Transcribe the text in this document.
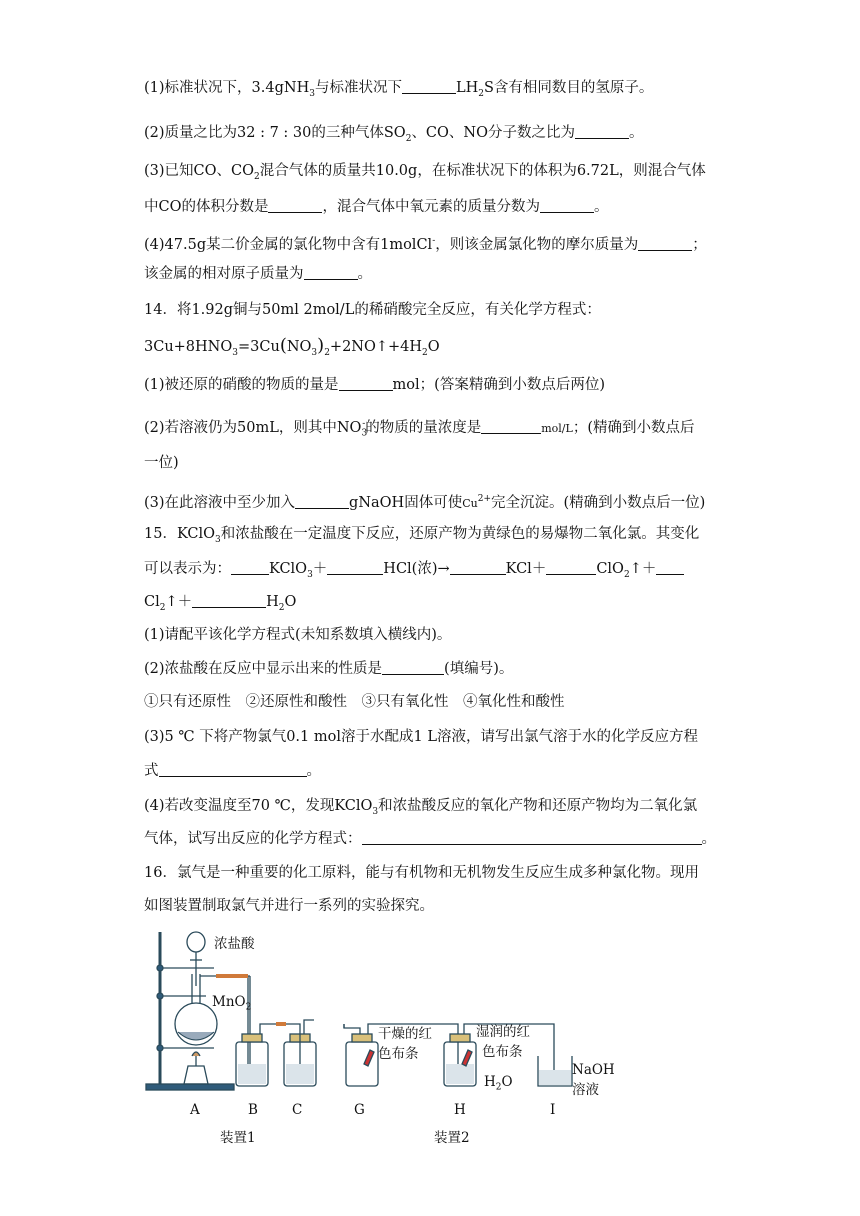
(1)标准状况下，3.4gNH$_3$与标准状况下	$LH_2S$含有相同数目的氢原子。
(2)质量之比为32 : 7 : 30的三种气体$SO_2$、CO、NO分子数之比为	。
(3)已知CO、$CO_2$混合气体的质量共10.0g，在标准状况下的体积为6.72L，则混合气体
中CO的体积分数是	，混合气体中氧元素的质量分数为	。
(4)47.5g某二价金属的氯化物中含有1molCl-，则该金属氯化物的摩尔质量为	；
该金属的相对原子质量为	。
14．将1.92g铜与50ml 2mol/L的稀硝酸完全反应，有关化学方程式：
$3Cu+8HNO_3=3Cu(NO_3)_2+2NO↑+4H_2O$
(1)被还原的硝酸的物质的量是	mol；(答案精确到小数点后两位)
(2)若溶液仍为50mL，则其中$NO_3^-$的物质的量浓度是	mol/L；(精确到小数点后
一位)
(3)在此溶液中至少加入	gNaOH固体可使$Cu^{2+}$完全沉淀。(精确到小数点后一位)
15．KClO$_3$和浓盐酸在一定温度下反应，还原产物为黄绿色的易爆物二氧化氯。其变化
可以表示为：	KClO$_3$＋	HCl(浓)→	KCl＋	ClO$_2$↑＋
$Cl_2↑+$	$H_2O$
(1)请配平该化学方程式(未知系数填入横线内)。
(2)浓盐酸在反应中显示出来的性质是	(填编号)。
①只有还原性　②还原性和酸性　③只有氧化性　④氧化性和酸性
(3)5 ℃ 下将产物氯气0.1 mol溶于水配成1 L溶液，请写出氯气溶于水的化学反应方程
式	。
(4)若改变温度至70 ℃，发现KClO$_3$和浓盐酸反应的氧化产物和还原产物均为二氧化氯
气体，试写出反应的化学方程式：	。
16．氯气是一种重要的化工原料，能与有机物和无机物发生反应生成多种氯化物。现用
如图装置制取氯气并进行一系列的实验探究。
浓盐酸
MnO$_2$
干燥的红
色布条
湿润的红
色布条
$H_2O$
NaOH
溶液
A	B	C	G	H	I
装置1	装置2
